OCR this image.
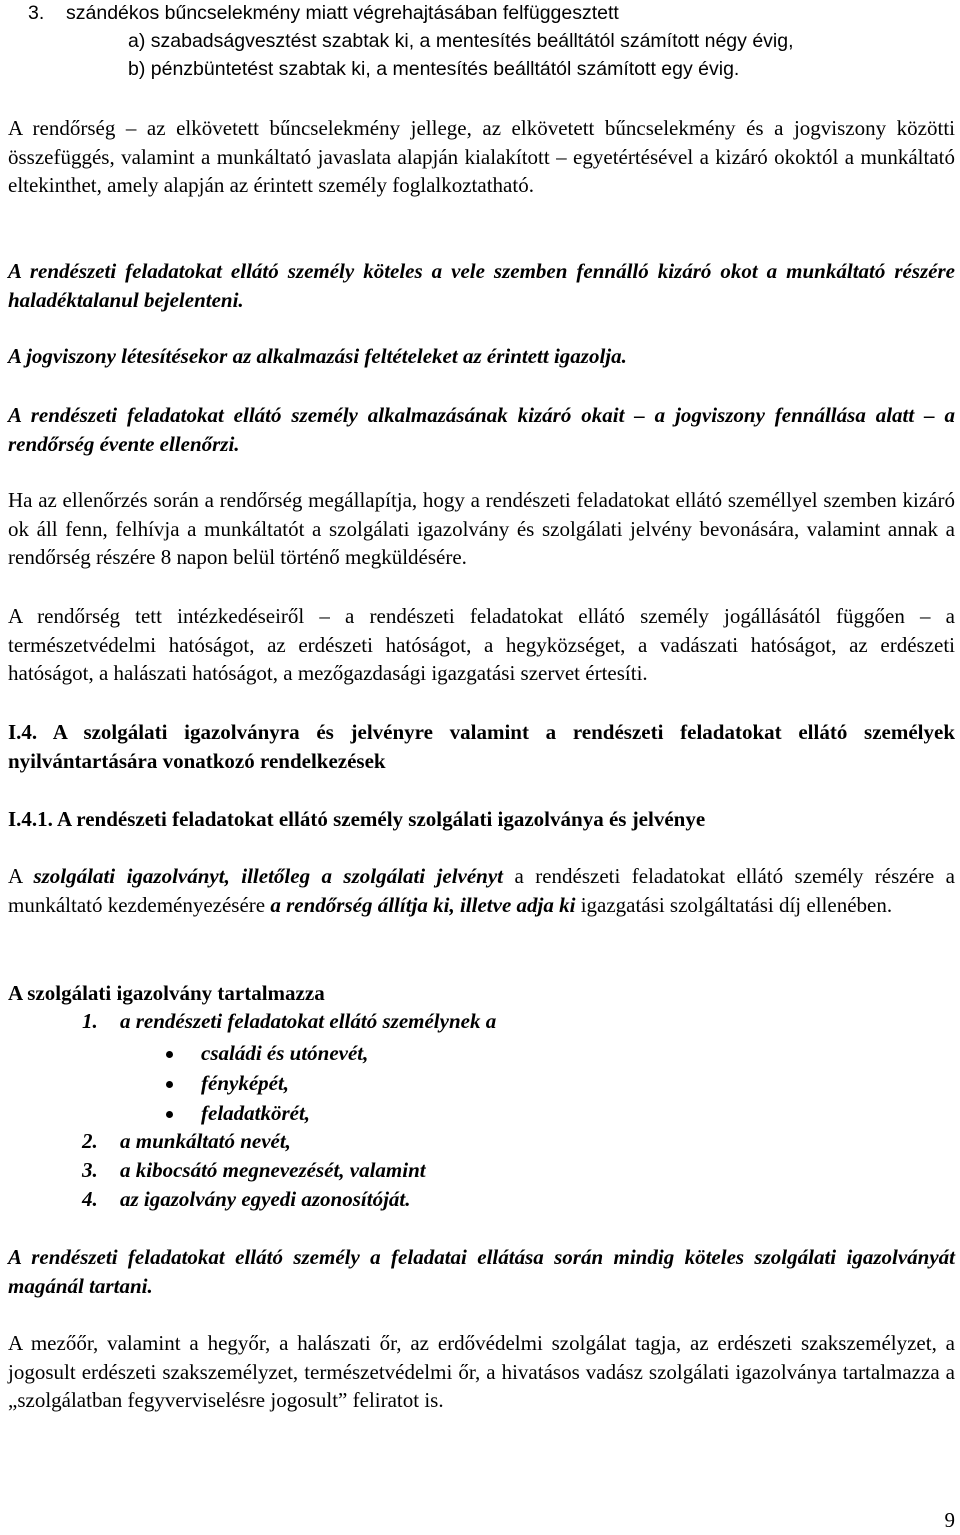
3. szándékos bűncselekmény miatt végrehajtásában felfüggesztett
a) szabadságvesztést szabtak ki, a mentesítés beálltától számított négy évig,
b) pénzbüntetést szabtak ki, a mentesítés beálltától számított egy évig.

A rendőrség – az elkövetett bűncselekmény jellege, az elkövetett bűncselekmény és a jogviszony közötti összefüggés, valamint a munkáltató javaslata alapján kialakított – egyetértésével a kizáró okoktól a munkáltató eltekinthet, amely alapján az érintett személy foglalkoztatható.

A rendészeti feladatokat ellátó személy köteles a vele szemben fennálló kizáró okot a munkáltató részére haladéktalanul bejelenteni.

A jogviszony létesítésekor az alkalmazási feltételeket az érintett igazolja.

A rendészeti feladatokat ellátó személy alkalmazásának kizáró okait – a jogviszony fennállása alatt – a rendőrség évente ellenőrzi.

Ha az ellenőrzés során a rendőrség megállapítja, hogy a rendészeti feladatokat ellátó személlyel szemben kizáró ok áll fenn, felhívja a munkáltatót a szolgálati igazolvány és szolgálati jelvény bevonására, valamint annak a rendőrség részére 8 napon belül történő megküldésére.

A rendőrség tett intézkedéseiről – a rendészeti feladatokat ellátó személy jogállásától függően – a természetvédelmi hatóságot, az erdészeti hatóságot, a hegyközséget, a vadászati hatóságot, az erdészeti hatóságot, a halászati hatóságot, a mezőgazdasági igazgatási szervet értesíti.

I.4. A szolgálati igazolványra és jelvényre valamint a rendészeti feladatokat ellátó személyek nyilvántartására vonatkozó rendelkezések

I.4.1. A rendészeti feladatokat ellátó személy szolgálati igazolványa és jelvénye

A szolgálati igazolványt, illetőleg a szolgálati jelvényt a rendészeti feladatokat ellátó személy részére a munkáltató kezdeményezésére a rendőrség állítja ki, illetve adja ki igazgatási szolgáltatási díj ellenében.

A szolgálati igazolvány tartalmazza

1. a rendészeti feladatokat ellátó személynek a
családi és utónevét,
fényképét,
feladatkörét,
2. a munkáltató nevét,
3. a kibocsátó megnevezését, valamint
4. az igazolvány egyedi azonosítóját.

A rendészeti feladatokat ellátó személy a feladatai ellátása során mindig köteles szolgálati igazolványát magánál tartani.

A mezőőr, valamint a hegyőr, a halászati őr, az erdővédelmi szolgálat tagja, az erdészeti szakszemélyzet, a jogosult erdészeti szakszemélyzet, természetvédelmi őr, a hivatásos vadász szolgálati igazolványa tartalmazza a „szolgálatban fegyverviselésre jogosult” feliratot is.

9
